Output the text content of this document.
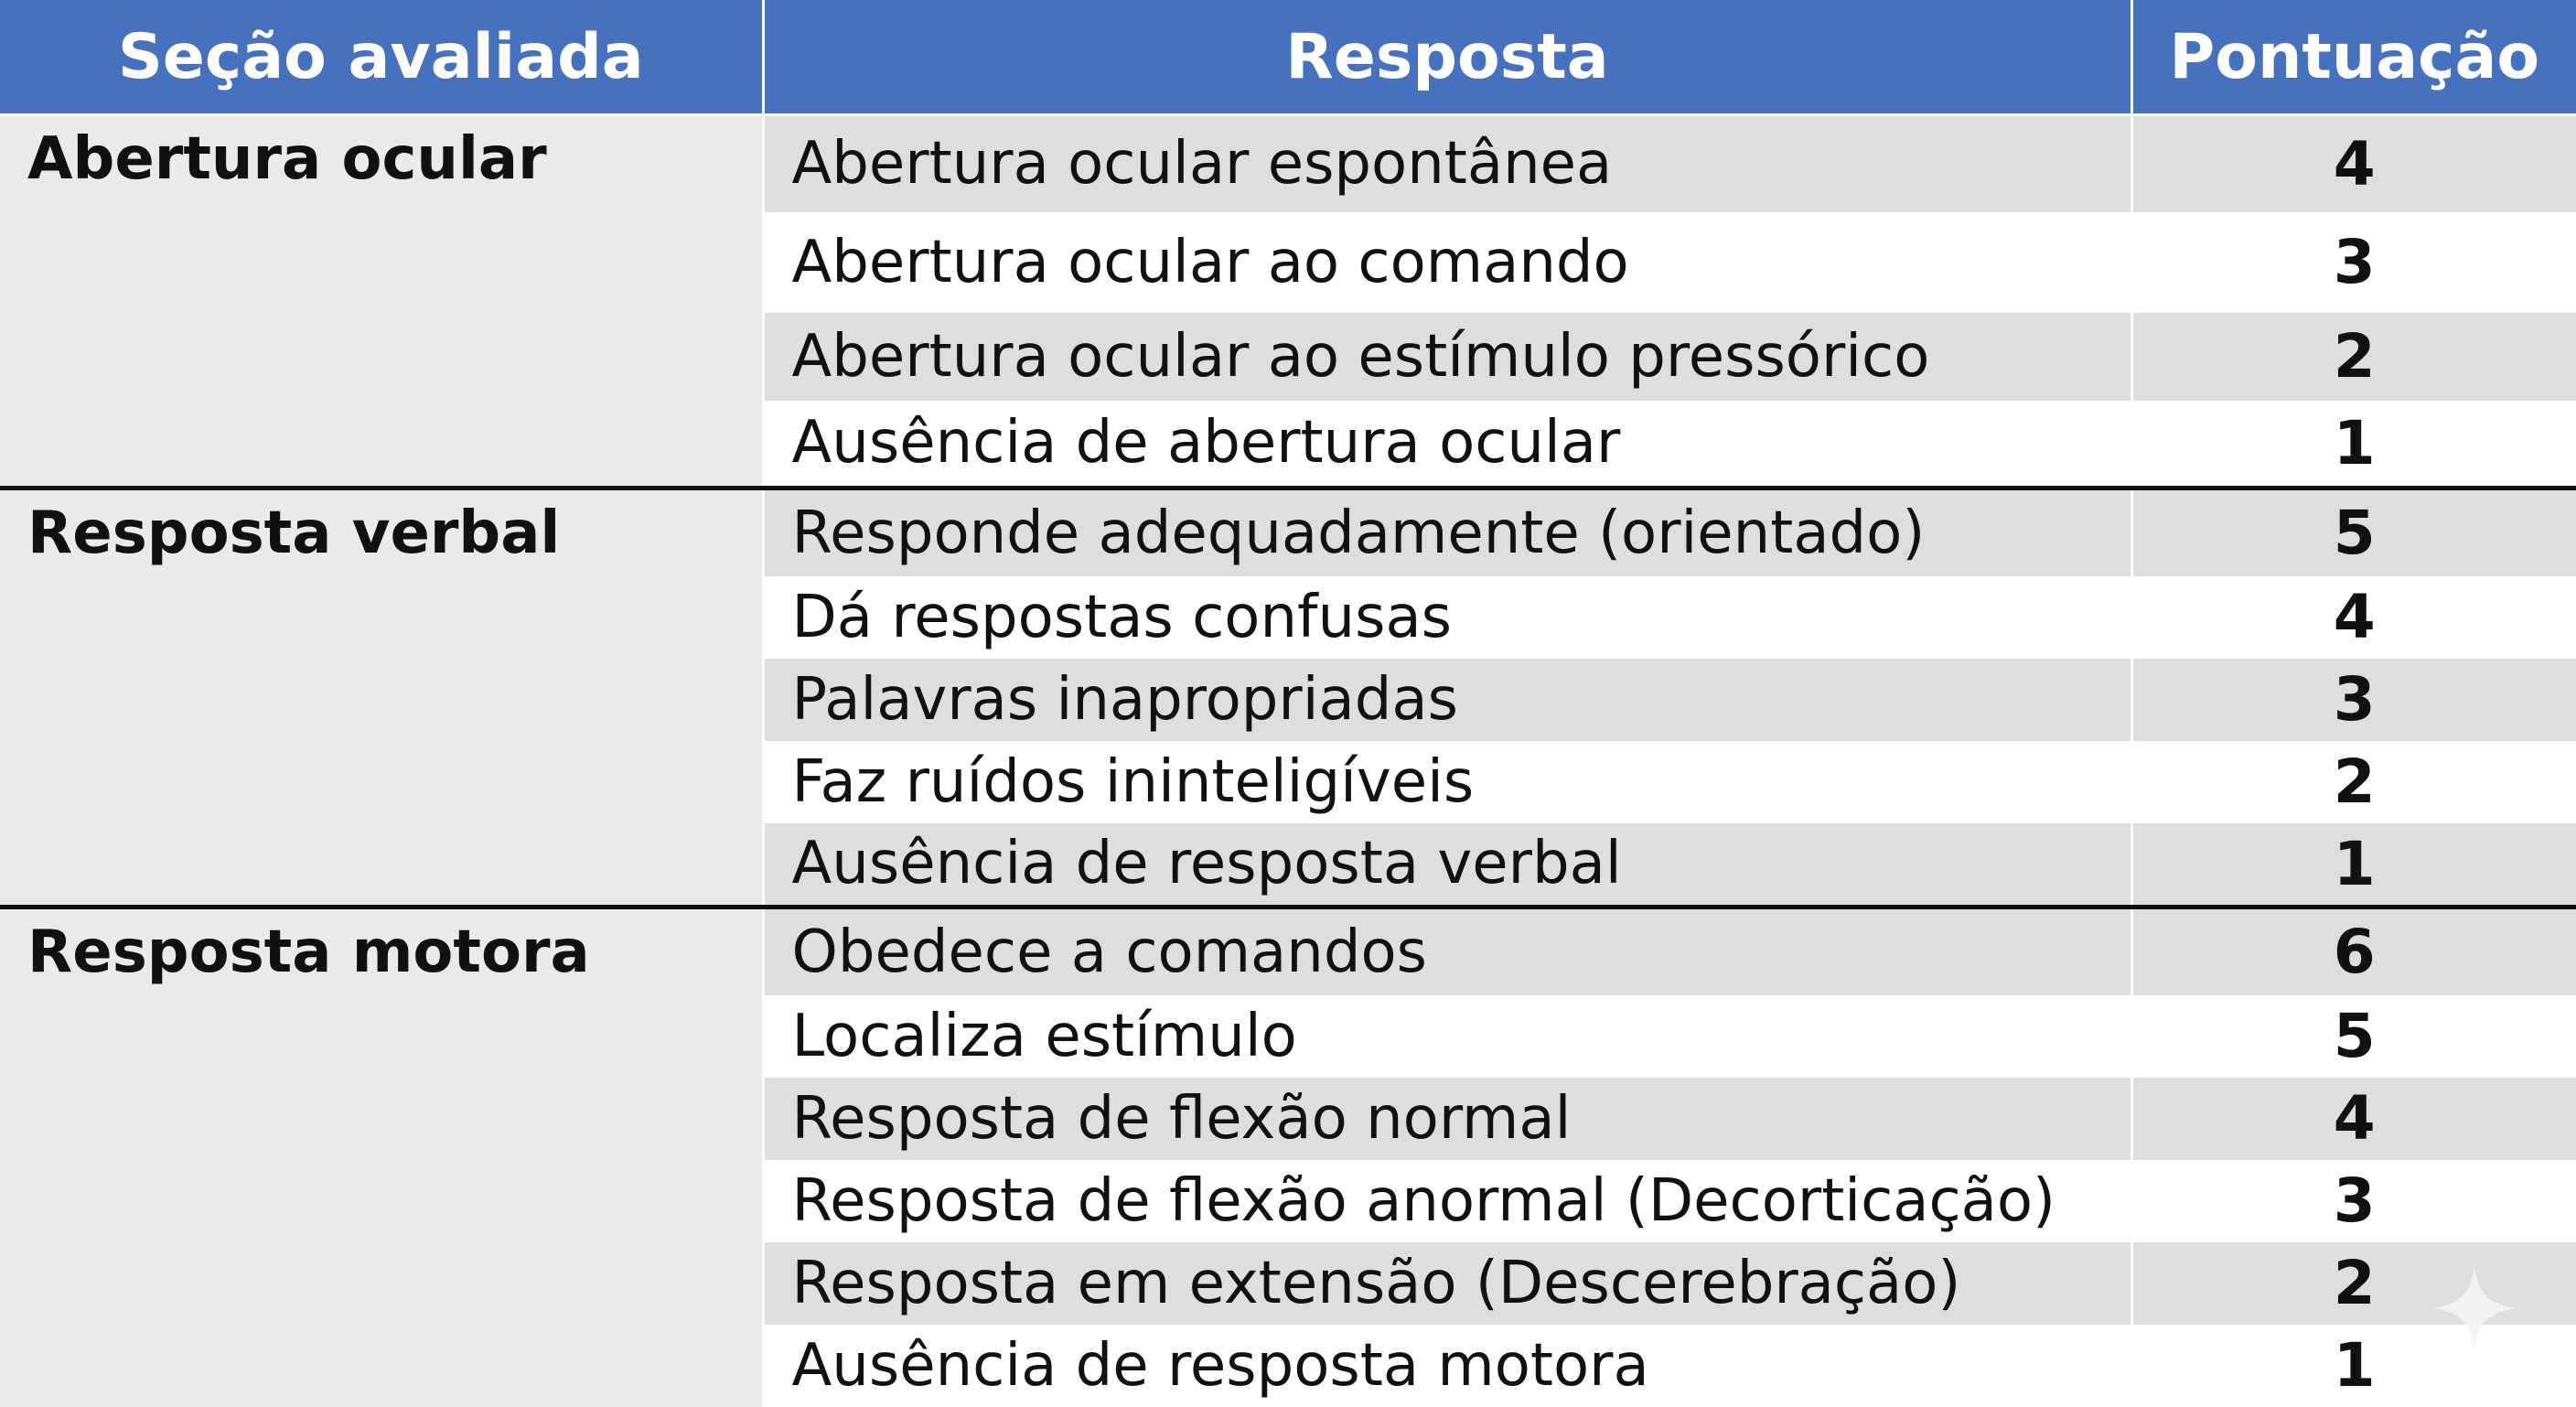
Seção avaliada	Resposta	Pontuação
Abertura ocular	Abertura ocular espontânea	4
	Abertura ocular ao comando	3
	Abertura ocular ao estímulo pressórico	2
	Ausência de abertura ocular	1
Resposta verbal	Responde adequadamente (orientado)	5
	Dá respostas confusas	4
	Palavras inapropriadas	3
	Faz ruídos ininteligíveis	2
	Ausência de resposta verbal	1
Resposta motora	Obedece a comandos	6
	Localiza estímulo	5
	Resposta de flexão normal	4
	Resposta de flexão anormal (Decorticação)	3
	Resposta em extensão (Descerebração)	2
	Ausência de resposta motora	1
